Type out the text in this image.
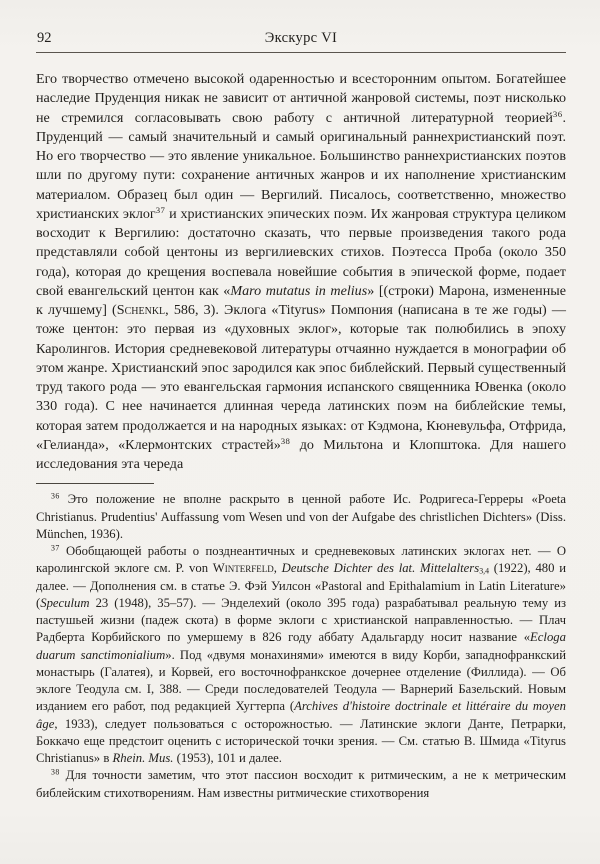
92	Экскурс VI

Его творчество отмечено высокой одаренностью и всесторонним опытом. Богатейшее наследие Пруденция никак не зависит от античной жанровой системы, поэт нисколько не стремился согласовывать свою работу с античной литературной теорией$^{36}$. Пруденций — самый значительный и самый оригинальный раннехристианский поэт. Но его творчество — это явление уникальное. Большинство раннехристианских поэтов шли по другому пути: сохранение античных жанров и их наполнение христианским материалом. Образец был один — Вергилий. Писалось, соответственно, множество христианских эклог$^{37}$ и христианских эпических поэм. Их жанровая структура целиком восходит к Вергилию: достаточно сказать, что первые произведения такого рода представляли собой центоны из вергилиевских стихов. Поэтесса Проба (около 350 года), которая до крещения воспевала новейшие события в эпической форме, подает свой евангельский центон как «Maro mutatus in melius» [(строки) Марона, измененные к лучшему] (Schenkl, 586, 3). Эклога «Tityrus» Помпония (написана в те же годы) — тоже центон: это первая из «духовных эклог», которые так полюбились в эпоху Каролингов. История средневековой литературы отчаянно нуждается в монографии об этом жанре. Христианский эпос зародился как эпос библейский. Первый существенный труд такого рода — это евангельская гармония испанского священника Ювенка (около 330 года). С нее начинается длинная череда латинских поэм на библейские темы, которая затем продолжается и на народных языках: от Кэдмона, Кюневульфа, Отфрида, «Гелианда», «Клермонтских страстей»$^{38}$ до Мильтона и Клопштока. Для нашего исследования эта череда

$^{36}$ Это положение не вполне раскрыто в ценной работе Ис. Родригеса-Герреры «Poeta Christianus. Prudentius' Auffassung vom Wesen und von der Aufgabe des christlichen Dichters» (Diss. München, 1936).

$^{37}$ Обобщающей работы о позднеантичных и средневековых латинских эклогах нет. — О каролингской эклоге см. P. von Winterfeld, Deutsche Dichter des lat. Mittelalters$_{3,4}$ (1922), 480 и далее. — Дополнения см. в статье Э. Фэй Уилсон «Pastoral and Epithalamium in Latin Literature» (Speculum 23 (1948), 35–57). — Энделехий (около 395 года) разрабатывал реальную тему из пастушьей жизни (падеж скота) в форме эклоги с христианской направленностью. — Плач Радберта Корбийского по умершему в 826 году аббату Адальгарду носит название «Ecloga duarum sanctimonialium». Под «двумя монахинями» имеются в виду Корби, западнофранкский монастырь (Галатея), и Корвей, его восточнофранкское дочернее отделение (Филлида). — Об эклоге Теодула см. I, 388. — Среди последователей Теодула — Варнерий Базельский. Новым изданием его работ, под редакцией Хугтерпа (Archives d'histoire doctrinale et littéraire du moyen âge, 1933), следует пользоваться с осторожностью. — Латинские эклоги Данте, Петрарки, Боккачо еще предстоит оценить с исторической точки зрения. — См. статью В. Шмида «Tityrus Christianus» в Rhein. Mus. (1953), 101 и далее.

$^{38}$ Для точности заметим, что этот пассион восходит к ритмическим, а не к метрическим библейским стихотворениям. Нам известны ритмические стихотворения
